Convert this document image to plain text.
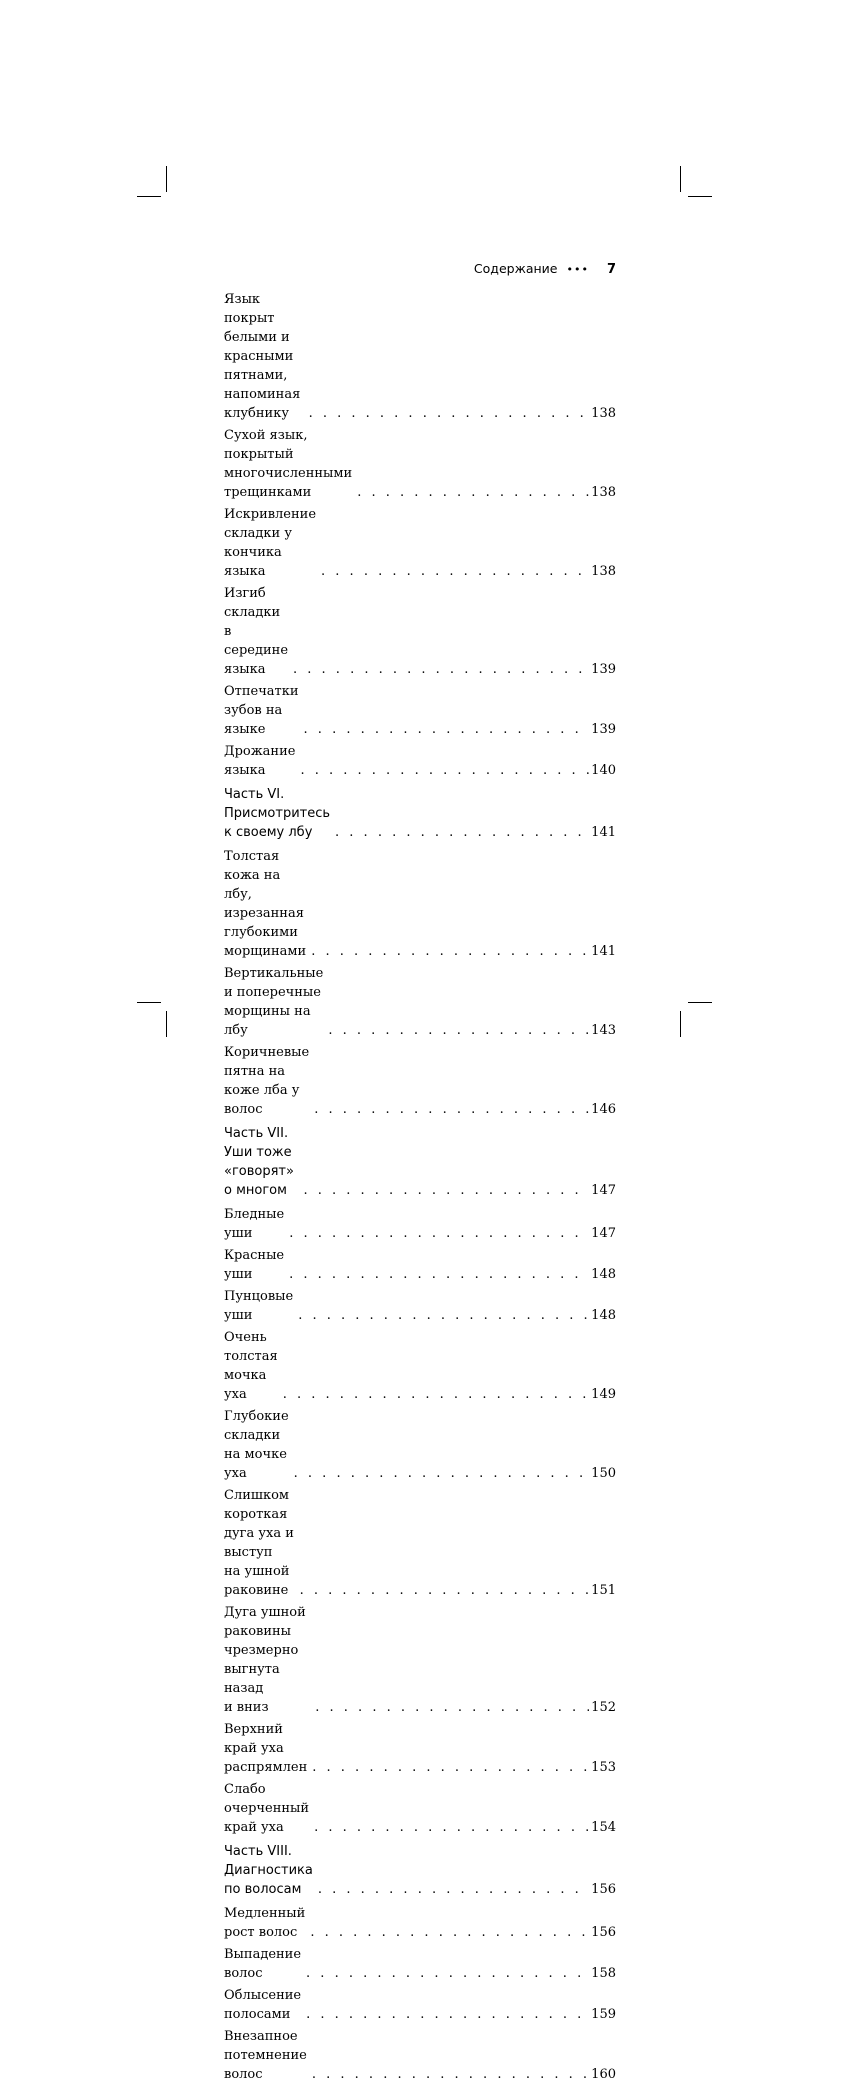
Содержание ••• 7
Язык покрыт белыми и красными пятнами,
напоминая клубнику . . .	138
Сухой язык, покрытый многочисленными
трещинками . . .	138
Искривление складки у кончика языка . . .	138
Изгиб складки в середине языка . . .	139
Отпечатки зубов на языке . . .	139
Дрожание языка . . .	140
Часть VI. Присмотритесь к своему лбу . . .	141
Толстая кожа на лбу, изрезанная глубокими
морщинами . . .	141
Вертикальные и поперечные морщины на лбу . . .	143
Коричневые пятна на коже лба у волос . . .	146
Часть VII. Уши тоже «говорят» о многом . . .	147
Бледные уши . . .	147
Красные уши . . .	148
Пунцовые уши . . .	148
Очень толстая мочка уха . . .	149
Глубокие складки на мочке уха . . .	150
Слишком короткая дуга уха и выступ
на ушной раковине . . .	151
Дуга ушной раковины чрезмерно выгнута назад
и вниз . . .	152
Верхний край уха распрямлен . . .	153
Слабо очерченный край уха . . .	154
Часть VIII. Диагностика по волосам . . .	156
Медленный рост волос . . .	156
Выпадение волос . . .	158
Облысение полосами . . .	159
Внезапное потемнение волос . . .	160
